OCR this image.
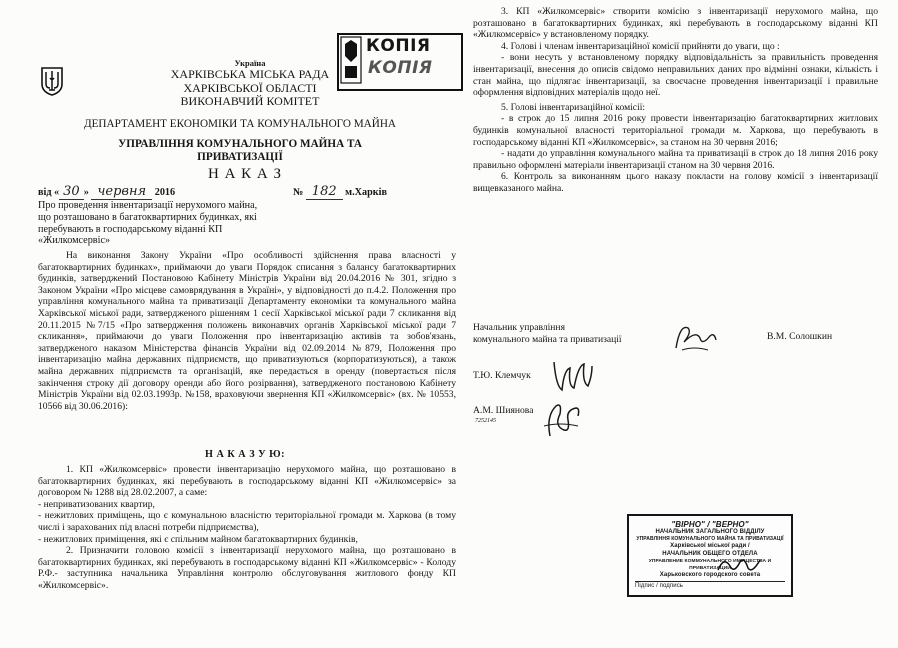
Україна

ХАРКІВСЬКА МІСЬКА РАДА

ХАРКІВСЬКОЇ ОБЛАСТІ

ВИКОНАВЧИЙ КОМІТЕТ

ДЕПАРТАМЕНТ ЕКОНОМІКИ ТА КОМУНАЛЬНОГО МАЙНА

УПРАВЛІННЯ КОМУНАЛЬНОГО МАЙНА ТА ПРИВАТИЗАЦІЇ

Н А К А З

КОПІЯ
КОПІЯ
від « 30 » червня 2016	№ 182 м.Харків

Про проведення інвентаризації нерухомого майна, що розташовано в багатоквартирних будинках, які перебувають в господарському віданні КП «Жилкомсервіс»

На виконання Закону України «Про особливості здійснення права власності у багатоквартирних будинках», приймаючи до уваги Порядок списання з балансу багатоквартирних будинків, затверджений Постановою Кабінету Міністрів України від 20.04.2016 № 301, згідно з Законом України «Про місцеве самоврядування в Україні», у відповідності до п.4.2. Положення про управління комунального майна та приватизації Департаменту економіки та комунального майна Харківської міської ради, затвердженого рішенням 1 сесії Харківської міської ради 7 скликання від 20.11.2015 №7/15 «Про затвердження положень виконавчих органів Харківської міської ради 7 скликання», приймаючи до уваги Положення про інвентаризацію активів та зобов'язань, затвердженого наказом Міністерства фінансів України від 02.09.2014 №879, Положення про інвентаризацію майна державних підприємств, що приватизуються (корпоратизуються), а також майна державних підприємств та організацій, яке передається в оренду (повертається після закінчення строку дії договору оренди або його розірвання), затвердженого постановою Кабінету Міністрів України від 02.03.1993р. №158, враховуючи звернення КП «Жилкомсервіс» (вх. № 10553, 10566 від 30.06.2016):

Н А К А З У Ю:

1. КП «Жилкомсервіс» провести інвентаризацію нерухомого майна, що розташовано в багатоквартирних будинках, які перебувають в господарському віданні КП «Жилкомсервіс» за договором № 1288 від 28.02.2007, а саме:

- неприватизованих квартир,

- нежитлових приміщень, що є комунальною власністю територіальної громади м. Харкова (в тому числі і зарахованих під власні потреби підприємства),

- нежитлових приміщення, які є спільним майном багатоквартирних будинків,

2. Призначити головою комісії з інвентаризації нерухомого майна, що розташовано в багатоквартирних будинках, які перебувають в господарському віданні КП «Жилкомсервіс» - Колоду Р.Ф.- заступника начальника Управління контролю обслуговування житлового фонду КП «Жилкомсервіс».

3. КП «Жилкомсервіс» створити комісію з інвентаризації нерухомого майна, що розташовано в багатоквартирних будинках, які перебувають в господарському віданні КП «Жилкомсервіс» у встановленому порядку.

4. Голові і членам інвентаризаційної комісії прийняти до уваги, що :

- вони несуть у встановленому порядку відповідальність за правильність проведення інвентаризації, внесення до описів свідомо неправильних даних про відмінні ознаки, кількість і стан майна, що підлягає інвентаризації, за своєчасне проведення інвентаризації і правильне оформлення відповідних матеріалів щодо неї.

5. Голові інвентаризаційної комісії:

- в строк до 15 липня 2016 року провести інвентаризацію багатоквартирних житлових будинків комунальної власності територіальної громади м. Харкова, що перебувають в господарському віданні КП «Жилкомсервіс», за станом на 30 червня 2016;

- надати до управління комунального майна та приватизації в строк до 18 липня 2016 року правильно оформлені матеріали інвентаризації станом на 30 червня 2016.

6. Контроль за виконанням цього наказу покласти на голову комісії з інвентаризації вищевказаного майна.

Начальник управління

комунального майна та приватизації	В.М. Солошкин

Т.Ю. Клемчук

А.М. Шиянова

7252145

"ВІРНО" / "ВЕРНО"
НАЧАЛЬНИК ЗАГАЛЬНОГО ВІДДІЛУ
УПРАВЛІННЯ КОМУНАЛЬНОГО МАЙНА ТА ПРИВАТИЗАЦІЇ
Харківської міської ради /
НАЧАЛЬНИК ОБЩЕГО ОТДЕЛА
УПРАВЛЕНИЕ КОММУНАЛЬНОГО ИМУЩЕСТВА И ПРИВАТИЗАЦИИ
Харьковского городского совета
Підпис / подпись
